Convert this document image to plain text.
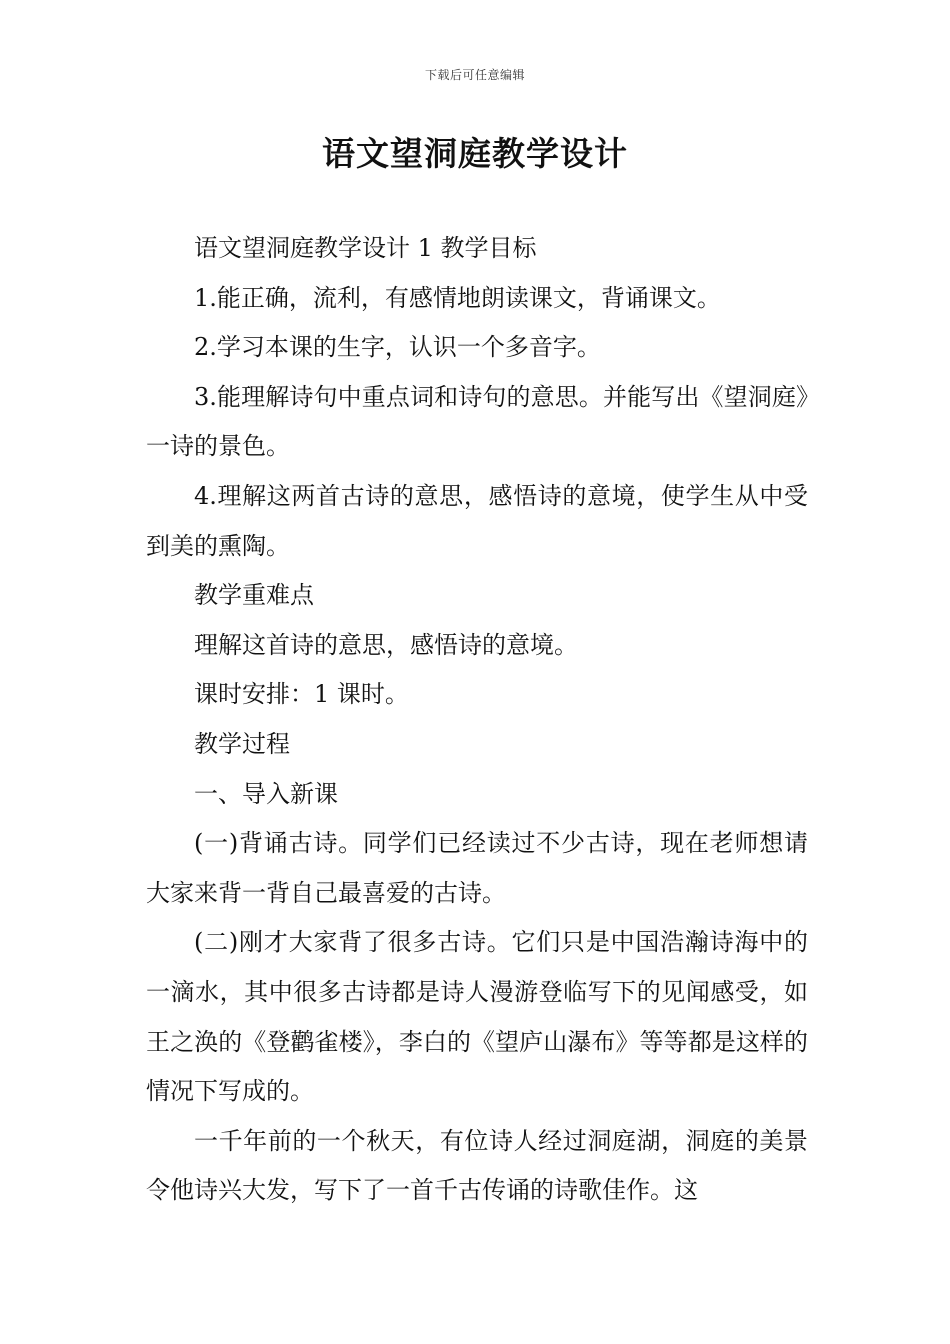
下载后可任意编辑
语文望洞庭教学设计

语文望洞庭教学设计 1 教学目标

1.能正确，流利，有感情地朗读课文，背诵课文。

2.学习本课的生字，认识一个多音字。

3.能理解诗句中重点词和诗句的意思。并能写出《望洞庭》一诗的景色。

4.理解这两首古诗的意思，感悟诗的意境，使学生从中受到美的熏陶。

教学重难点

理解这首诗的意思，感悟诗的意境。

课时安排：1 课时。

教学过程

一、导入新课

(一)背诵古诗。同学们已经读过不少古诗，现在老师想请大家来背一背自己最喜爱的古诗。

(二)刚才大家背了很多古诗。它们只是中国浩瀚诗海中的一滴水，其中很多古诗都是诗人漫游登临写下的见闻感受，如王之涣的《登鹳雀楼》，李白的《望庐山瀑布》等等都是这样的情况下写成的。

一千年前的一个秋天，有位诗人经过洞庭湖，洞庭的美景令他诗兴大发，写下了一首千古传诵的诗歌佳作。这
